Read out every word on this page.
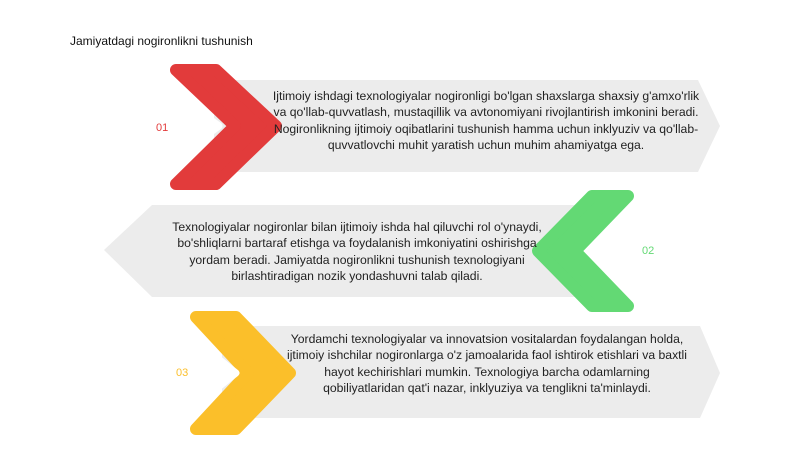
Jamiyatdagi nogironlikni tushunish
01
02
03
Ijtimoiy ishdagi texnologiyalar nogironligi bo'lgan shaxslarga shaxsiy g'amxo'rlik va qo'llab-quvvatlash, mustaqillik va avtonomiyani rivojlantirish imkonini beradi. Nogironlikning ijtimoiy oqibatlarini tushunish hamma uchun inklyuziv va qo'llab-quvvatlovchi muhit yaratish uchun muhim ahamiyatga ega.
Texnologiyalar nogironlar bilan ijtimoiy ishda hal qiluvchi rol o'ynaydi, bo'shliqlarni bartaraf etishga va foydalanish imkoniyatini oshirishga yordam beradi. Jamiyatda nogironlikni tushunish texnologiyani birlashtiradigan nozik yondashuvni talab qiladi.
Yordamchi texnologiyalar va innovatsion vositalardan foydalangan holda, ijtimoiy ishchilar nogironlarga o'z jamoalarida faol ishtirok etishlari va baxtli hayot kechirishlari mumkin. Texnologiya barcha odamlarning qobiliyatlaridan qat'i nazar, inklyuziya va tenglikni ta'minlaydi.
